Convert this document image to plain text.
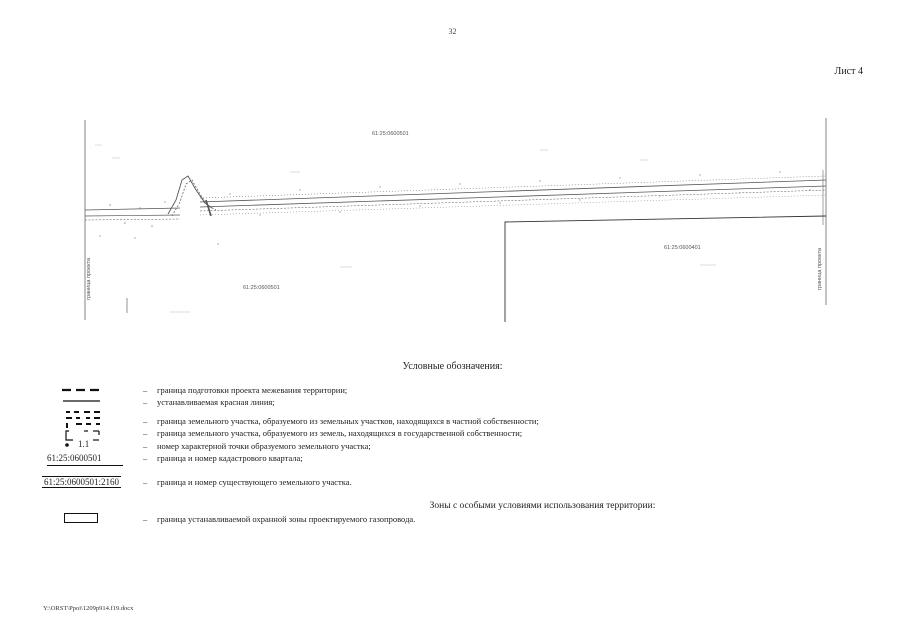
32
Лист 4
граница проекта	граница проекта
61:25:0600501
61:25:0600401
61:25:0600501
Условные обозначения:
1.1
61:25:0600501
61:25:0600501:2160
– граница подготовки проекта межевания территории;
– устанавливаемая красная линия;
– граница земельного участка, образуемого из земельных участков, находящихся в частной собственности;
– граница земельного участка, образуемого из земель, находящихся в государственной собственности;
– номер характерной точки образуемого земельного участка;
– граница и номер кадастрового квартала;
– граница и номер существующего земельного участка.
Зоны с особыми условиями использования территории:
– граница устанавливаемой охранной зоны проектируемого газопровода.
Y:\ORST\Ppoi\1209p914.f19.docx
